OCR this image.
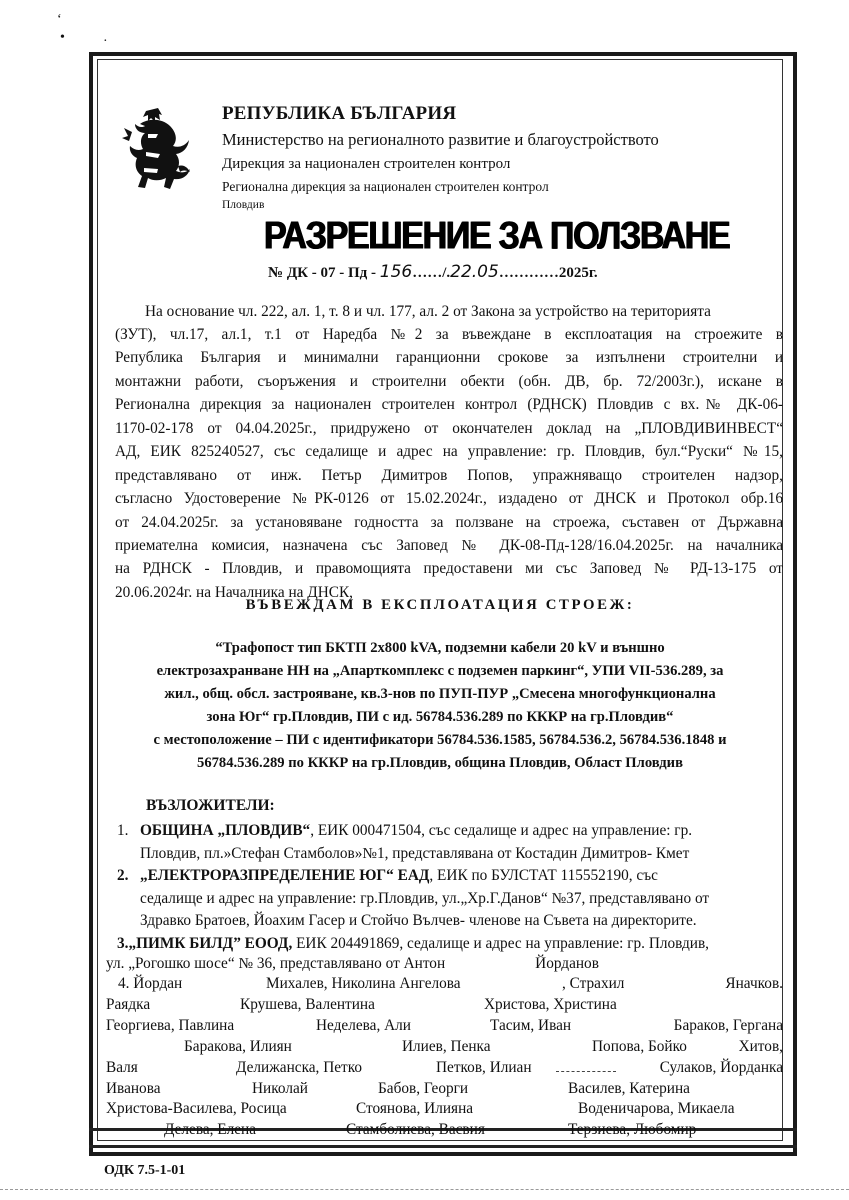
‘
•	·
РЕПУБЛИКА БЪЛГАРИЯ
Министерство на регионалното развитие и благоустройството
Дирекция за национален строителен контрол
Регионална дирекция за национален строителен контрол
Пловдив
РАЗРЕШЕНИЕ ЗА ПОЛЗВАНЕ
№ ДК - 07 - Пд - 156……/.22.05…………2025г.
На основание чл. 222, ал. 1, т. 8 и чл. 177, ал. 2 от Закона за устройство на територията
(ЗУТ), чл.17, ал.1, т.1 от Наредба №2 за въвеждане в експлоатация на строежите в
Република България и минимални гаранционни срокове за изпълнени строителни и
монтажни работи, съоръжения и строителни обекти (обн. ДВ, бр. 72/2003г.), искане в
Регионална дирекция за национален строителен контрол (РДНСК) Пловдив с вх.№ ДК-06-
1170-02-178 от 04.04.2025г., придружено от окончателен доклад на „ПЛОВДИВИНВЕСТ“
АД, ЕИК 825240527, със седалище и адрес на управление: гр. Пловдив, бул.“Руски“ №15,
представлявано от инж. Петър Димитров Попов, упражняващо строителен надзор,
съгласно Удостоверение №РК-0126 от 15.02.2024г., издадено от ДНСК и Протокол обр.16
от 24.04.2025г. за установяване годността за ползване на строежа, съставен от Държавна
приемателна комисия, назначена със Заповед № ДК-08-Пд-128/16.04.2025г. на началника
на РДНСК - Пловдив, и правомощията предоставени ми със Заповед № РД-13-175 от
20.06.2024г. на Началника на ДНСК,
ВЪВЕЖДАМ В ЕКСПЛОАТАЦИЯ СТРОЕЖ:
“Трафопост тип БКТП 2х800 kVA, подземни кабели 20 kV и външно
електрозахранване НН на „Апарткомплекс с подземен паркинг“, УПИ VII-536.289, за
жил., общ. обсл. застрояване, кв.3-нов по ПУП-ПУР „Смесена многофункционална
зона Юг“ гр.Пловдив, ПИ с ид. 56784.536.289 по КККР на гр.Пловдив“
с местоположение – ПИ с идентификатори 56784.536.1585, 56784.536.2, 56784.536.1848 и
56784.536.289 по КККР на гр.Пловдив, община Пловдив, Област Пловдив
ВЪЗЛОЖИТЕЛИ:
1. ОБЩИНА „ПЛОВДИВ“, ЕИК 000471504, със седалище и адрес на управление: гр.
Пловдив, пл.»Стефан Стамболов»№1, представлявана от Костадин Димитров- Кмет
2. „ЕЛЕКТРОРАЗПРЕДЕЛЕНИЕ ЮГ“ ЕАД, ЕИК по БУЛСТАТ 115552190, със
седалище и адрес на управление: гр.Пловдив, ул.„Хр.Г.Данов“ №37, представлявано от
Здравко Братоев, Йоахим Гасер и Стойчо Вълчев- членове на Съвета на директорите.
3.„ПИМК БИЛД” ЕООД, ЕИК 204491869, седалище и адрес на управление: гр. Пловдив,
ул. „Рогошко шосе“ № 36, представлявано от Антон	Йорданов
4. Йордан	Михалев, Николина Ангелова	, Страхил	Яначков.
Раядка	Крушева, Валентина	Христова, Христина
Георгиева, Павлина	Неделева, Али	Тасим, Иван	Бараков, Гергана
Баракова, Илиян	Илиев, Пенка	Попова, Бойко	Хитов,
Валя	Делижанска, Петко	Петков, Илиан	Сулаков, Йорданка
Иванова	Николай	Бабов, Георги	Василев, Катерина
Христова-Василева, Росица	Стоянова, Илияна	Воденичарова, Микаела
Делева, Елена	Стамболиева, Васвия	Терзиева, Любомир
ОДК 7.5-1-01
